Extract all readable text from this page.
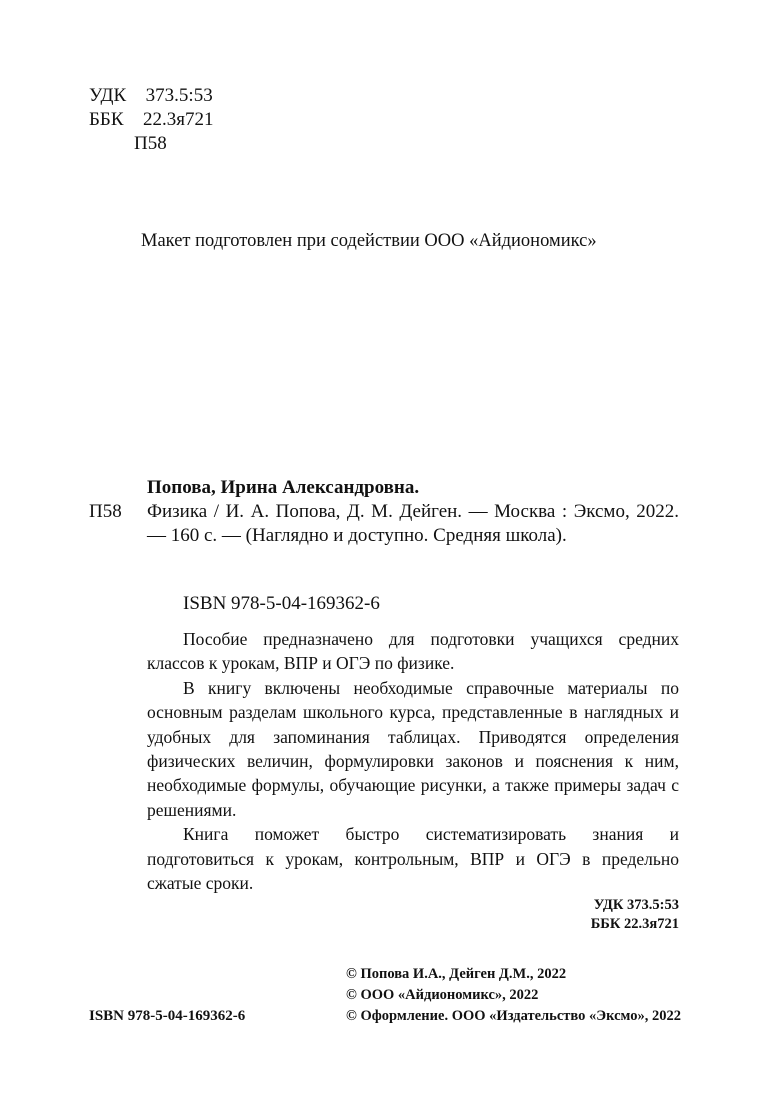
УДК 373.5:53
ББК 22.3я721
П58
Макет подготовлен при содействии ООО «Айдиономикс»
Попова, Ирина Александровна.
П58 Физика / И. А. Попова, Д. М. Дейген. — Москва : Эксмо, 2022. — 160 с. — (Наглядно и доступно. Средняя школа).

ISBN 978-5-04-169362-6

Пособие предназначено для подготовки учащихся средних классов к урокам, ВПР и ОГЭ по физике.

В книгу включены необходимые справочные материалы по основным разделам школьного курса, представленные в наглядных и удобных для запоминания таблицах. Приводятся определения физических величин, формулировки законов и пояснения к ним, необходимые формулы, обучающие рисунки, а также примеры задач с решениями.

Книга поможет быстро систематизировать знания и подготовиться к урокам, контрольным, ВПР и ОГЭ в предельно сжатые сроки.

УДК 373.5:53
ББК 22.3я721
© Попова И.А., Дейген Д.М., 2022
© ООО «Айдиономикс», 2022
© Оформление. ООО «Издательство «Эксмо», 2022
ISBN 978-5-04-169362-6
